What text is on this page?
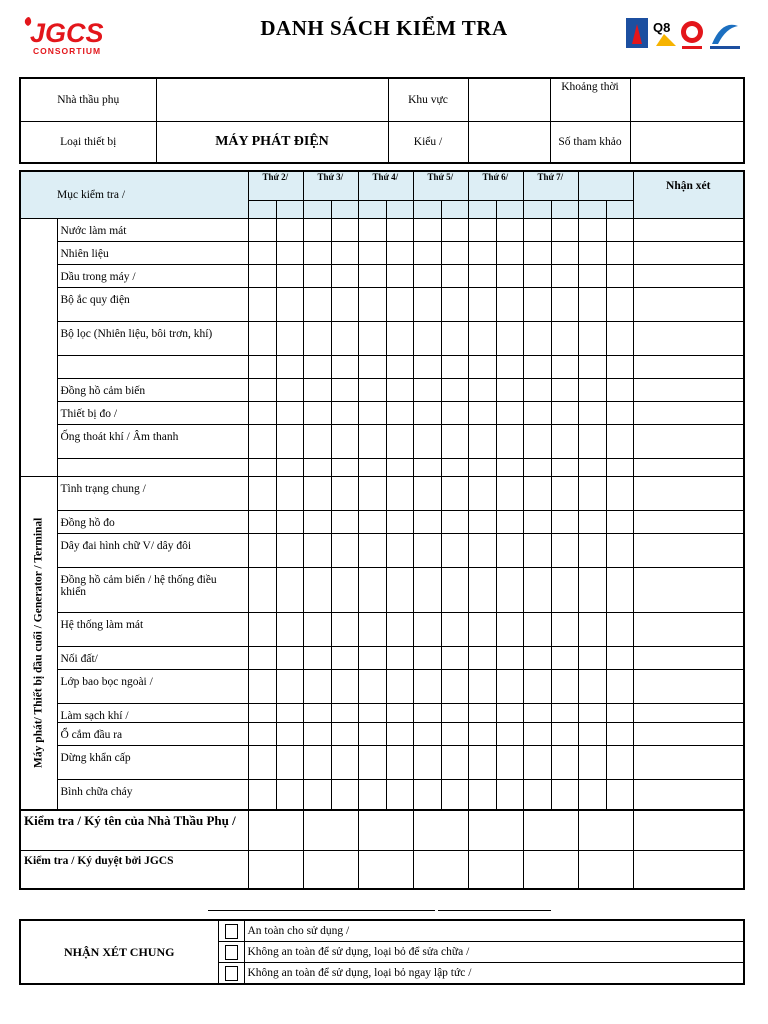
JGCS
CONSORTIUM
DANH SÁCH KIỂM TRA	Q8
Nhà thầu phụ		Khu vực		Khoảng thời	
Loại thiết bị	MÁY PHÁT ĐIỆN	Kiểu /		Số tham khảo	
Mục kiểm tra /		Thứ 2/		Thứ 3/		Thứ 4/		Thứ 5/		Thứ 6/		Thứ 7/				Nhận xét

	Nước làm mát															
	Nhiên liệu															
	Dầu trong máy /															
	Bộ ắc quy điện															
	Bộ lọc (Nhiên liệu, bôi trơn, khí)															

	Đồng hồ cảm biến															
	Thiết bị đo /															
	Ống thoát khí / Âm thanh															

Máy phát/ Thiết bị đầu cuối / Generator / Terminal	Tình trạng chung /															
	Đồng hồ đo															
	Dây đai hình chữ V/ dây đôi															
	Đồng hồ cảm biến / hệ thống điều khiển															
	Hệ thống làm mát															
	Nối đất/															
	Lớp bao bọc ngoài /															
	Làm sạch khí /															
	Ổ cắm đầu ra															
	Dừng khẩn cấp															
	Bình chữa cháy															
Kiểm tra / Ký tên của Nhà Thầu Phụ /																
Kiểm tra / Ký duyệt bởi JGCS																
NHẬN XÉT CHUNG		An toàn cho sử dụng /
		Không an toàn để sử dụng, loại bỏ để sửa chữa /
		Không an toàn để sử dụng, loại bỏ ngay lập tức /
